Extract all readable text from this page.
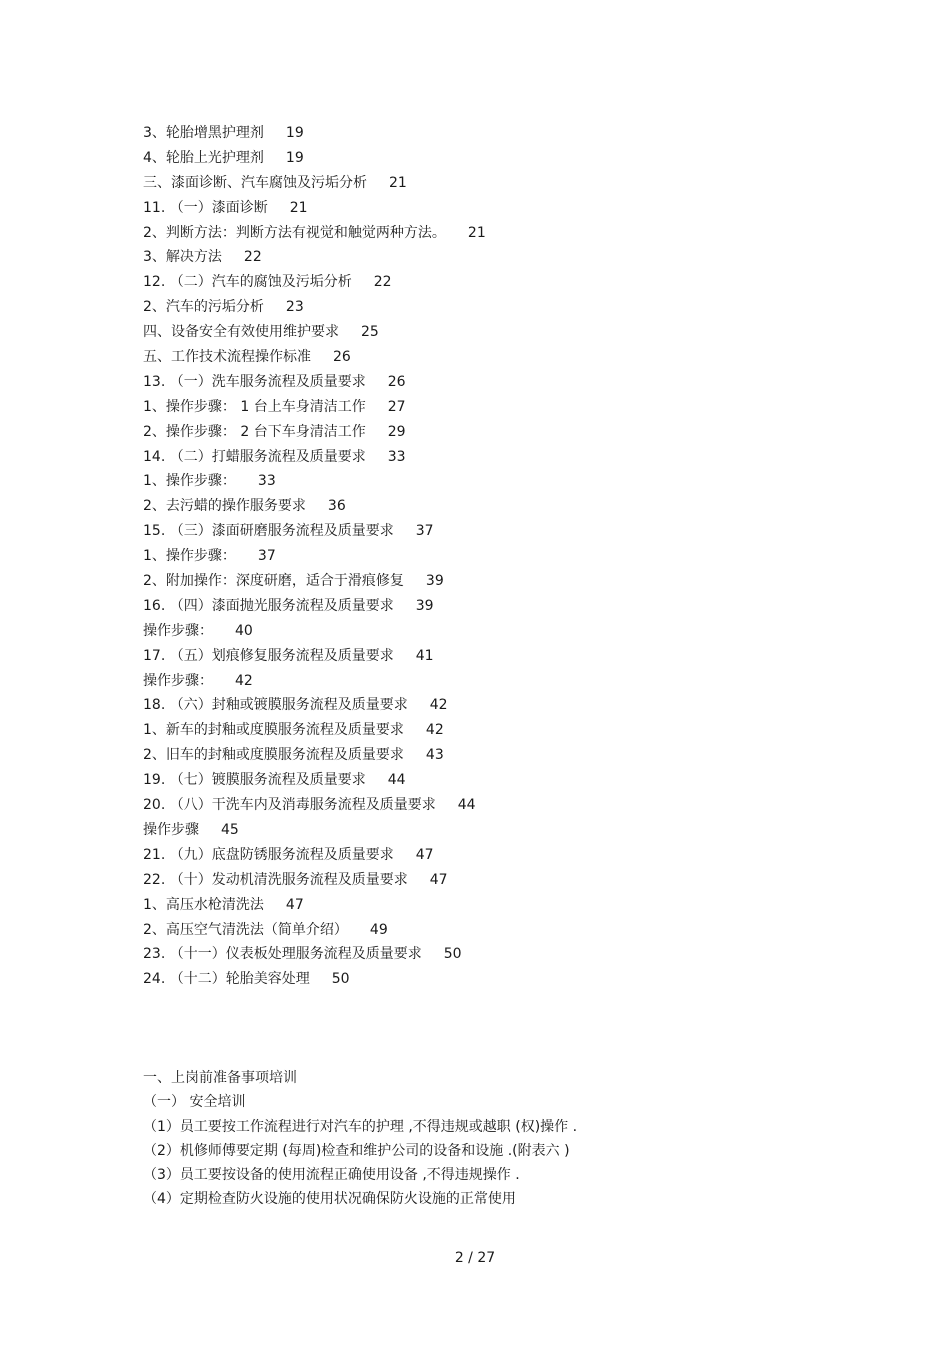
3、轮胎增黑护理剂 19
4、轮胎上光护理剂 19
三、漆面诊断、汽车腐蚀及污垢分析 21
11. （一）漆面诊断 21
2、判断方法：判断方法有视觉和触觉两种方法。 21
3、解决方法 22
12. （二）汽车的腐蚀及污垢分析 22
2、汽车的污垢分析 23
四、设备安全有效使用维护要求 25
五、工作技术流程操作标准 26
13. （一）洗车服务流程及质量要求 26
1、操作步骤： 1 台上车身清洁工作 27
2、操作步骤： 2 台下车身清洁工作 29
14. （二）打蜡服务流程及质量要求 33
1、操作步骤： 33
2、去污蜡的操作服务要求 36
15. （三）漆面研磨服务流程及质量要求 37
1、操作步骤： 37
2、附加操作：深度研磨，适合于滑痕修复 39
16. （四）漆面抛光服务流程及质量要求 39
操作步骤： 40
17. （五）划痕修复服务流程及质量要求 41
操作步骤： 42
18. （六）封釉或镀膜服务流程及质量要求 42
1、新车的封釉或度膜服务流程及质量要求 42
2、旧车的封釉或度膜服务流程及质量要求 43
19. （七）镀膜服务流程及质量要求 44
20. （八）干洗车内及消毒服务流程及质量要求 44
操作步骤 45
21. （九）底盘防锈服务流程及质量要求 47
22. （十）发动机清洗服务流程及质量要求 47
1、高压水枪清洗法 47
2、高压空气清洗法（简单介绍） 49
23. （十一）仪表板处理服务流程及质量要求 50
24. （十二）轮胎美容处理 50
一、上岗前准备事项培训
（一） 安全培训
（1）员工要按工作流程进行对汽车的护理 ,不得违规或越职 (权)操作 .
（2）机修师傅要定期 (每周)检查和维护公司的设备和设施 .(附表六 )
（3）员工要按设备的使用流程正确使用设备 ,不得违规操作 .
（4）定期检查防火设施的使用状况确保防火设施的正常使用
2 / 27
